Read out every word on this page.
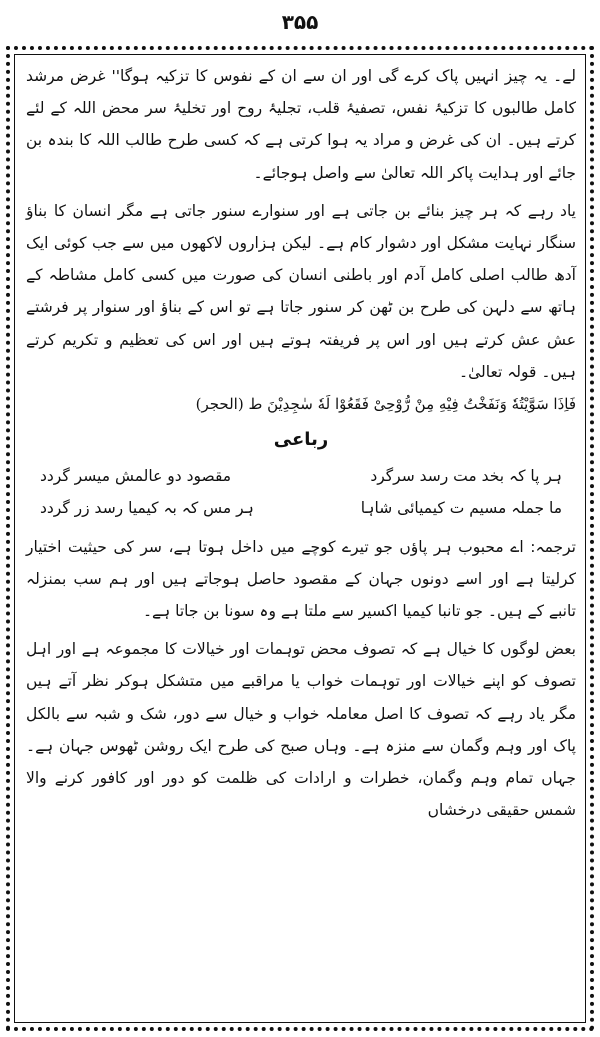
۳۵۵

لے۔ یہ چیز انہیں پاک کرے گی اور ان سے ان کے نفوس کا تزکیہ ہوگا'' غرض مرشد کامل طالبوں کا تزکیۂ نفس، تصفیۂ قلب، تجلیۂ روح اور تخلیۂ سر محض اللہ کے لئے کرتے ہیں۔ ان کی غرض و مراد یہ ہوا کرتی ہے کہ کسی طرح طالب اللہ کا بندہ بن جائے اور ہدایت پاکر اللہ تعالیٰ سے واصل ہوجائے۔

یاد رہے کہ ہر چیز بنائے بن جاتی ہے اور سنوارے سنور جاتی ہے مگر انسان کا بناؤ سنگار نہایت مشکل اور دشوار کام ہے۔ لیکن ہزاروں لاکھوں میں سے جب کوئی ایک آدھ طالب اصلی کامل آدم اور باطنی انسان کی صورت میں کسی کامل مشاطہ کے ہاتھ سے دلہن کی طرح بن ٹھن کر سنور جاتا ہے تو اس کے بناؤ اور سنوار پر فرشتے عش عش کرتے ہیں اور اس پر فریفتہ ہوتے ہیں اور اس کی تعظیم و تکریم کرتے ہیں۔ قولہ تعالیٰ۔

فَاِذَا سَوَّيْتُهٗ وَنَفَخْتُ فِيْهِ مِنْ رُّوْحِىْ فَقَعُوْا لَهٗ سٰجِدِيْنَ ط (الحجر)

رباعی

ہر پا کہ بخد مت رسد سرگرد
مقصود دو عالمش میسر گردد
ما جملہ مسیم ت کیمیائی شاہا
ہر مس کہ بہ کیمیا رسد زر گردد

ترجمہ: اے محبوب ہر پاؤں جو تیرے کوچے میں داخل ہوتا ہے، سر کی حیثیت اختیار کرلیتا ہے اور اسے دونوں جہان کے مقصود حاصل ہوجاتے ہیں اور ہم سب بمنزلہ تانبے کے ہیں۔ جو تانبا کیمیا اکسیر سے ملتا ہے وہ سونا بن جاتا ہے۔

بعض لوگوں کا خیال ہے کہ تصوف محض توہمات اور خیالات کا مجموعہ ہے اور اہل تصوف کو اپنے خیالات اور توہمات خواب یا مراقبے میں متشکل ہوکر نظر آتے ہیں مگر یاد رہے کہ تصوف کا اصل معاملہ خواب و خیال سے دور، شک و شبہ سے بالکل پاک اور وہم وگمان سے منزہ ہے۔ وہاں صبح کی طرح ایک روشن ٹھوس جہان ہے۔ جہاں تمام وہم وگمان، خطرات و ارادات کی ظلمت کو دور اور کافور کرنے والا شمس حقیقی درخشاں
